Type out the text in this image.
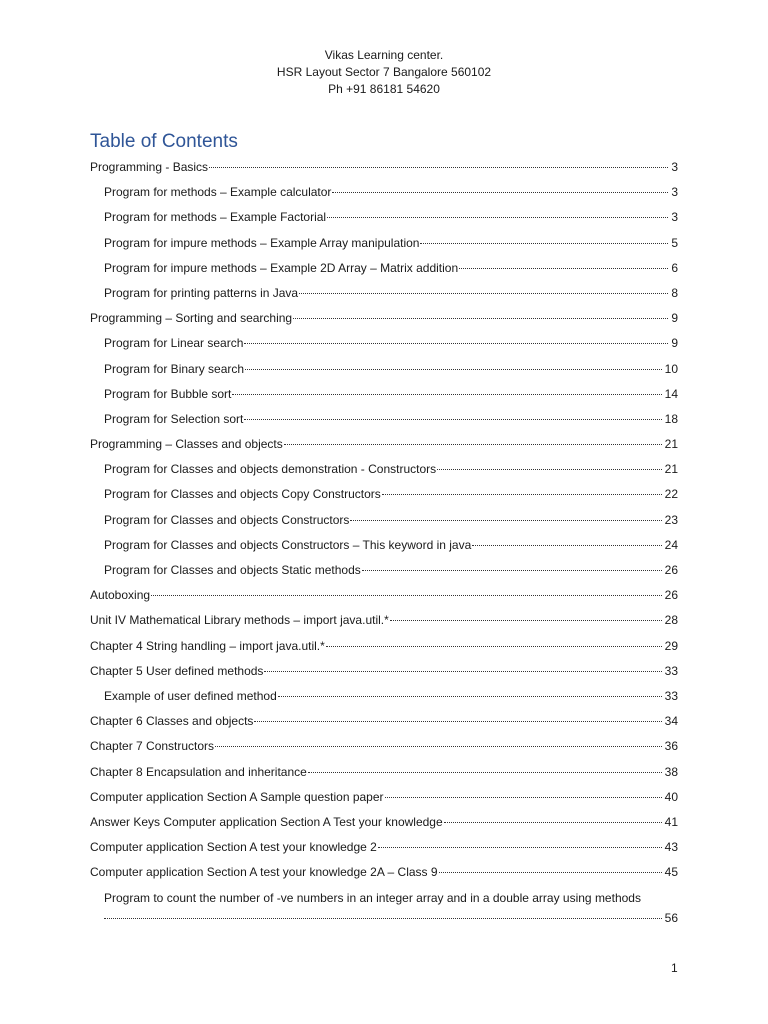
Vikas Learning center.
HSR Layout Sector 7 Bangalore 560102
Ph +91 86181 54620
Table of Contents
Programming - Basics	3
Program for methods – Example calculator	3
Program for methods – Example Factorial	3
Program for impure methods – Example Array manipulation	5
Program for impure methods – Example 2D Array – Matrix addition	6
Program for printing patterns in Java	8
Programming – Sorting and searching	9
Program for Linear search	9
Program for Binary search	10
Program for Bubble sort	14
Program for Selection sort	18
Programming – Classes and objects	21
Program for Classes and objects demonstration - Constructors	21
Program for Classes and objects Copy Constructors	22
Program for Classes and objects Constructors	23
Program for Classes and objects Constructors – This keyword in java	24
Program for Classes and objects Static methods	26
Autoboxing	26
Unit IV Mathematical Library methods – import java.util.*	28
Chapter 4 String handling – import java.util.*	29
Chapter 5 User defined methods	33
Example of user defined method	33
Chapter 6 Classes and objects	34
Chapter 7 Constructors	36
Chapter 8 Encapsulation and inheritance	38
Computer application Section A Sample question paper	40
Answer Keys Computer application Section A Test your knowledge	41
Computer application Section A test your knowledge 2	43
Computer application Section A test your knowledge 2A – Class 9	45
Program to count the number of -ve numbers in an integer array and in a double array using methods
56
1
